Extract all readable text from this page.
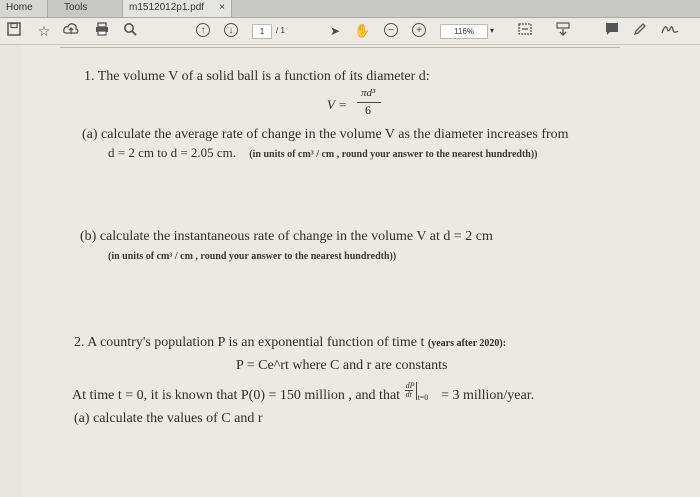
Home	Tools	m1512012p1.pdf ×
☆	↑	↓	1	/ 1	➤ ✋	−	+	116%	▾
1. The volume V of a solid ball is a function of its diameter d:
V =
πd³
6
(a) calculate the average rate of change in the volume V as the diameter increases from
d = 2 cm to d = 2.05 cm. (in units of cm³ / cm , round your answer to the nearest hundredth))
(b) calculate the instantaneous rate of change in the volume V at d = 2 cm
(in units of cm³ / cm , round your answer to the nearest hundredth))
2. A country's population P is an exponential function of time t (years after 2020):
P = Ce^rt where C and r are constants
At time t = 0, it is known that P(0) = 150 million , and that
dP
dt t=0 = 3 million/year.
(a) calculate the values of C and r
